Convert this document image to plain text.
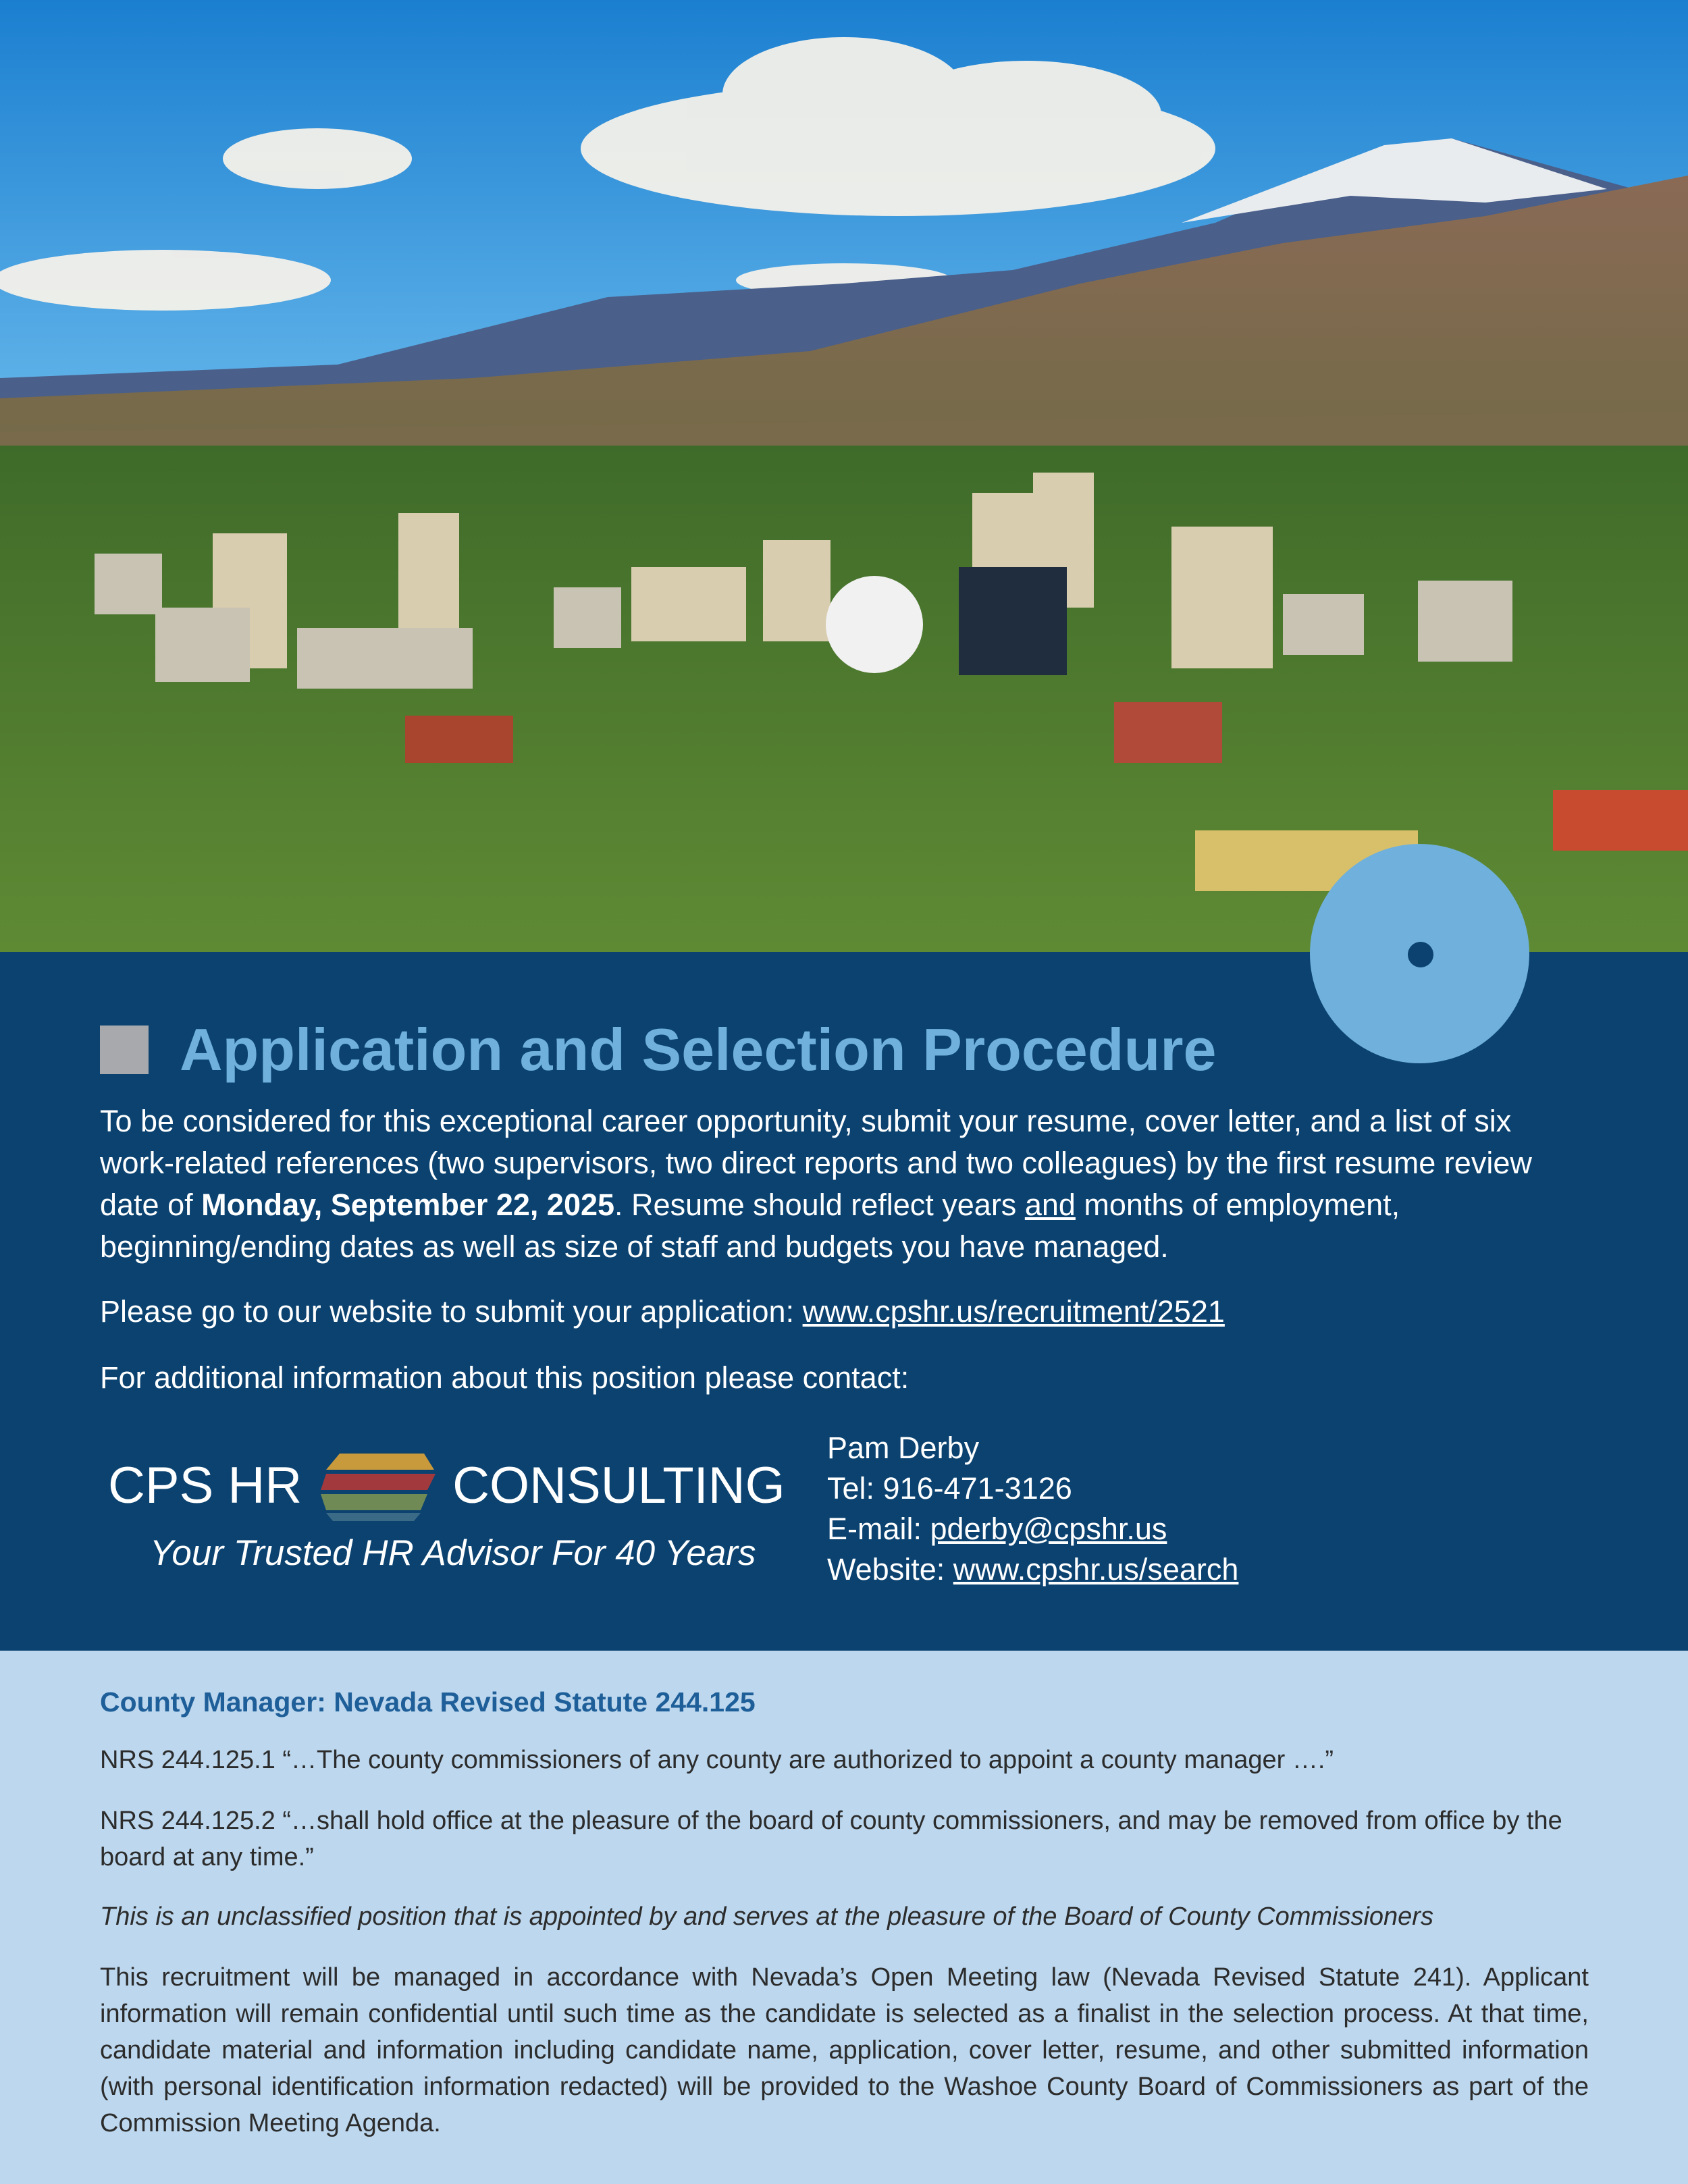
Application and Selection Procedure
To be considered for this exceptional career opportunity, submit your resume, cover letter, and a list of six work-related references (two supervisors, two direct reports and two colleagues) by the first resume review date of Monday, September 22, 2025. Resume should reflect years and months of employment, beginning/ending dates as well as size of staff and budgets you have managed.
Please go to our website to submit your application: www.cpshr.us/recruitment/2521
For additional information about this position please contact:
CPS HR	CONSULTING
Your Trusted HR Advisor For 40 Years
Pam Derby
Tel: 916-471-3126
E-mail: pderby@cpshr.us
Website: www.cpshr.us/search
County Manager: Nevada Revised Statute 244.125
NRS 244.125.1 “…The county commissioners of any county are authorized to appoint a county manager ….”
NRS 244.125.2 “…shall hold office at the pleasure of the board of county commissioners, and may be removed from office by the board at any time.”
This is an unclassified position that is appointed by and serves at the pleasure of the Board of County Commissioners
This recruitment will be managed in accordance with Nevada’s Open Meeting law (Nevada Revised Statute 241). Applicant information will remain confidential until such time as the candidate is selected as a finalist in the selection process. At that time, candidate material and information including candidate name, application, cover letter, resume, and other submitted information (with personal identification information redacted) will be provided to the Washoe County Board of Commissioners as part of the Commission Meeting Agenda.
